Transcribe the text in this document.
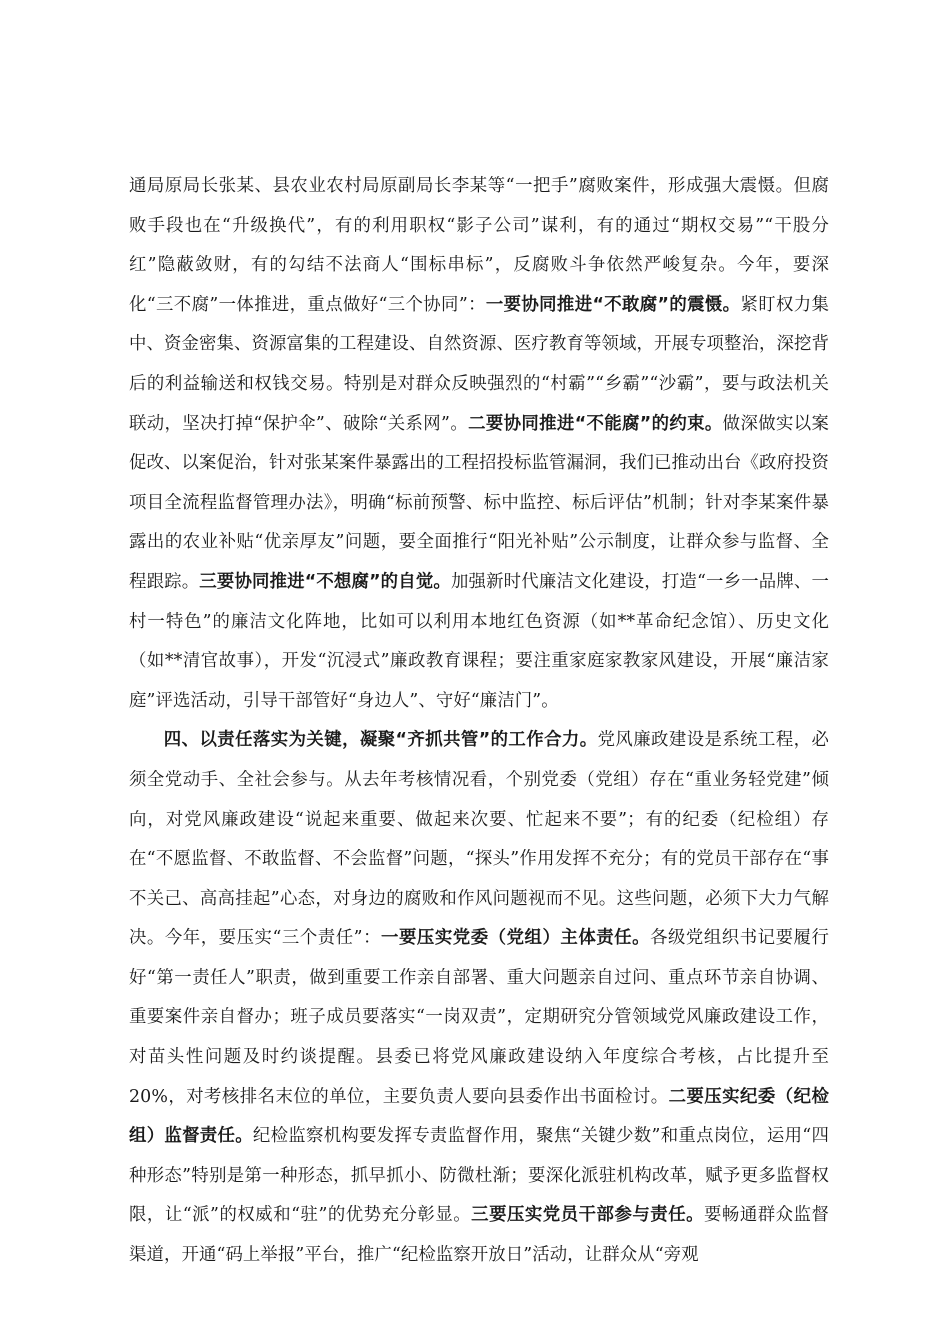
通局原局长张某、县农业农村局原副局长李某等“一把手”腐败案件，形成强大震慑。但腐败手段也在“升级换代”，有的利用职权“影子公司”谋利，有的通过“期权交易”“干股分红”隐蔽敛财，有的勾结不法商人“围标串标”，反腐败斗争依然严峻复杂。今年，要深化“三不腐”一体推进，重点做好“三个协同”：一要协同推进“不敢腐”的震慑。紧盯权力集中、资金密集、资源富集的工程建设、自然资源、医疗教育等领域，开展专项整治，深挖背后的利益输送和权钱交易。特别是对群众反映强烈的“村霸”“乡霸”“沙霸”，要与政法机关联动，坚决打掉“保护伞”、破除“关系网”。二要协同推进“不能腐”的约束。做深做实以案促改、以案促治，针对张某案件暴露出的工程招投标监管漏洞，我们已推动出台《政府投资项目全流程监督管理办法》，明确“标前预警、标中监控、标后评估”机制；针对李某案件暴露出的农业补贴“优亲厚友”问题，要全面推行“阳光补贴”公示制度，让群众参与监督、全程跟踪。三要协同推进“不想腐”的自觉。加强新时代廉洁文化建设，打造“一乡一品牌、一村一特色”的廉洁文化阵地，比如可以利用本地红色资源（如**革命纪念馆）、历史文化（如**清官故事），开发“沉浸式”廉政教育课程；要注重家庭家教家风建设，开展“廉洁家庭”评选活动，引导干部管好“身边人”、守好“廉洁门”。

四、以责任落实为关键，凝聚“齐抓共管”的工作合力。党风廉政建设是系统工程，必须全党动手、全社会参与。从去年考核情况看，个别党委（党组）存在“重业务轻党建”倾向，对党风廉政建设“说起来重要、做起来次要、忙起来不要”；有的纪委（纪检组）存在“不愿监督、不敢监督、不会监督”问题，“探头”作用发挥不充分；有的党员干部存在“事不关己、高高挂起”心态，对身边的腐败和作风问题视而不见。这些问题，必须下大力气解决。今年，要压实“三个责任”：一要压实党委（党组）主体责任。各级党组织书记要履行好“第一责任人”职责，做到重要工作亲自部署、重大问题亲自过问、重点环节亲自协调、重要案件亲自督办；班子成员要落实“一岗双责”，定期研究分管领域党风廉政建设工作，对苗头性问题及时约谈提醒。县委已将党风廉政建设纳入年度综合考核，占比提升至20%，对考核排名末位的单位，主要负责人要向县委作出书面检讨。二要压实纪委（纪检组）监督责任。纪检监察机构要发挥专责监督作用，聚焦“关键少数”和重点岗位，运用“四种形态”特别是第一种形态，抓早抓小、防微杜渐；要深化派驻机构改革，赋予更多监督权限，让“派”的权威和“驻”的优势充分彰显。三要压实党员干部参与责任。要畅通群众监督渠道，开通“码上举报”平台，推广“纪检监察开放日”活动，让群众从“旁观
